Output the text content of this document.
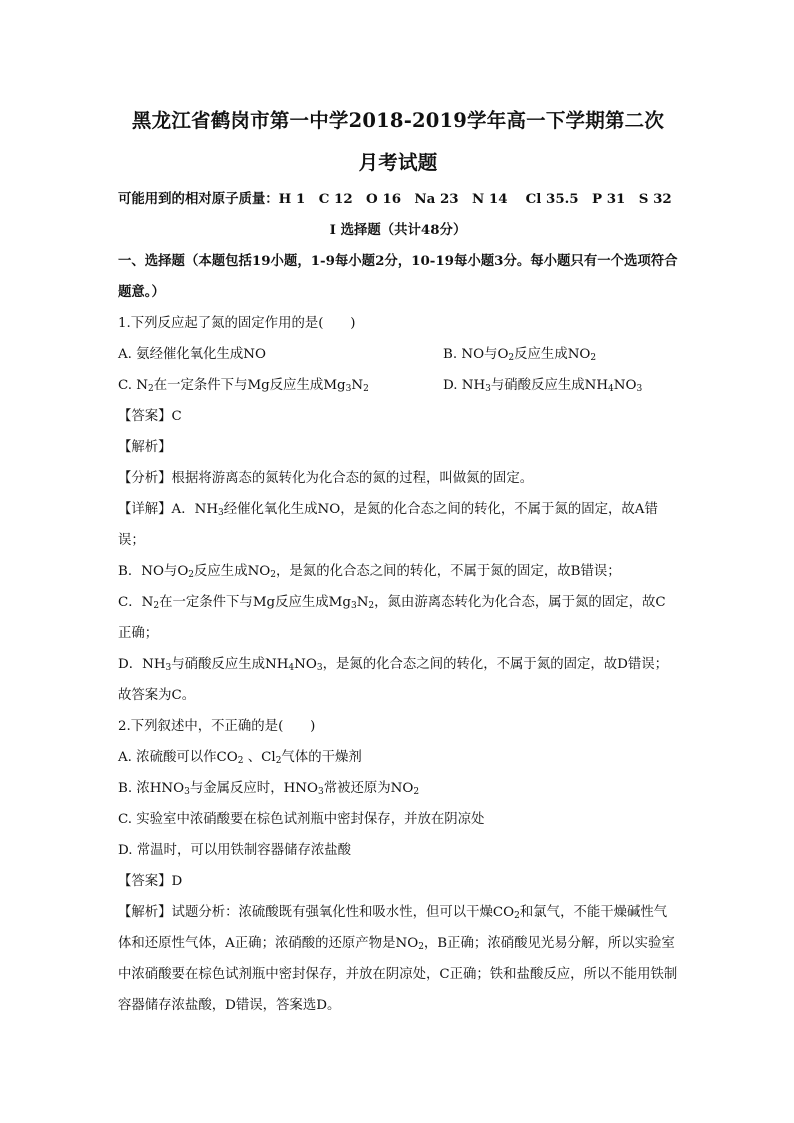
黑龙江省鹤岗市第一中学2018-2019学年高一下学期第二次
月考试题
可能用到的相对原子质量：H 1　C 12　O 16　Na 23　N 14　 Cl 35.5　P 31　S 32
I 选择题（共计48分）
一、选择题（本题包括19小题，1-9每小题2分，10-19每小题3分。每小题只有一个选项符合题意。）
1.下列反应起了氮的固定作用的是(　　)
A. 氨经催化氧化生成NO	B. NO与$O_2$反应生成$NO_2$
C. $N_2$在一定条件下与Mg反应生成$Mg_3N_2$	D. $NH_3$与硝酸反应生成$NH_4NO_3$
【答案】C
【解析】
【分析】根据将游离态的氮转化为化合态的氮的过程，叫做氮的固定。
【详解】A．$NH_3$经催化氧化生成NO，是氮的化合态之间的转化，不属于氮的固定，故A错误；
B．NO与$O_2$反应生成$NO_2$，是氮的化合态之间的转化，不属于氮的固定，故B错误；
C．$N_2$在一定条件下与Mg反应生成$Mg_3N_2$，氮由游离态转化为化合态，属于氮的固定，故C正确；
D．$NH_3$与硝酸反应生成$NH_4NO_3$，是氮的化合态之间的转化，不属于氮的固定，故D错误；
故答案为C。
2.下列叙述中，不正确的是(　　)
A. 浓硫酸可以作$CO_2$ 、$Cl_2$气体的干燥剂
B. 浓$HNO_3$与金属反应时，$HNO_3$常被还原为$NO_2$
C. 实验室中浓硝酸要在棕色试剂瓶中密封保存，并放在阴凉处
D. 常温时，可以用铁制容器储存浓盐酸
【答案】D
【解析】试题分析：浓硫酸既有强氧化性和吸水性，但可以干燥$CO_2$和氯气，不能干燥碱性气体和还原性气体，A正确；浓硝酸的还原产物是$NO_2$，B正确；浓硝酸见光易分解，所以实验室中浓硝酸要在棕色试剂瓶中密封保存，并放在阴凉处，C正确；铁和盐酸反应，所以不能用铁制容器储存浓盐酸，D错误，答案选D。
